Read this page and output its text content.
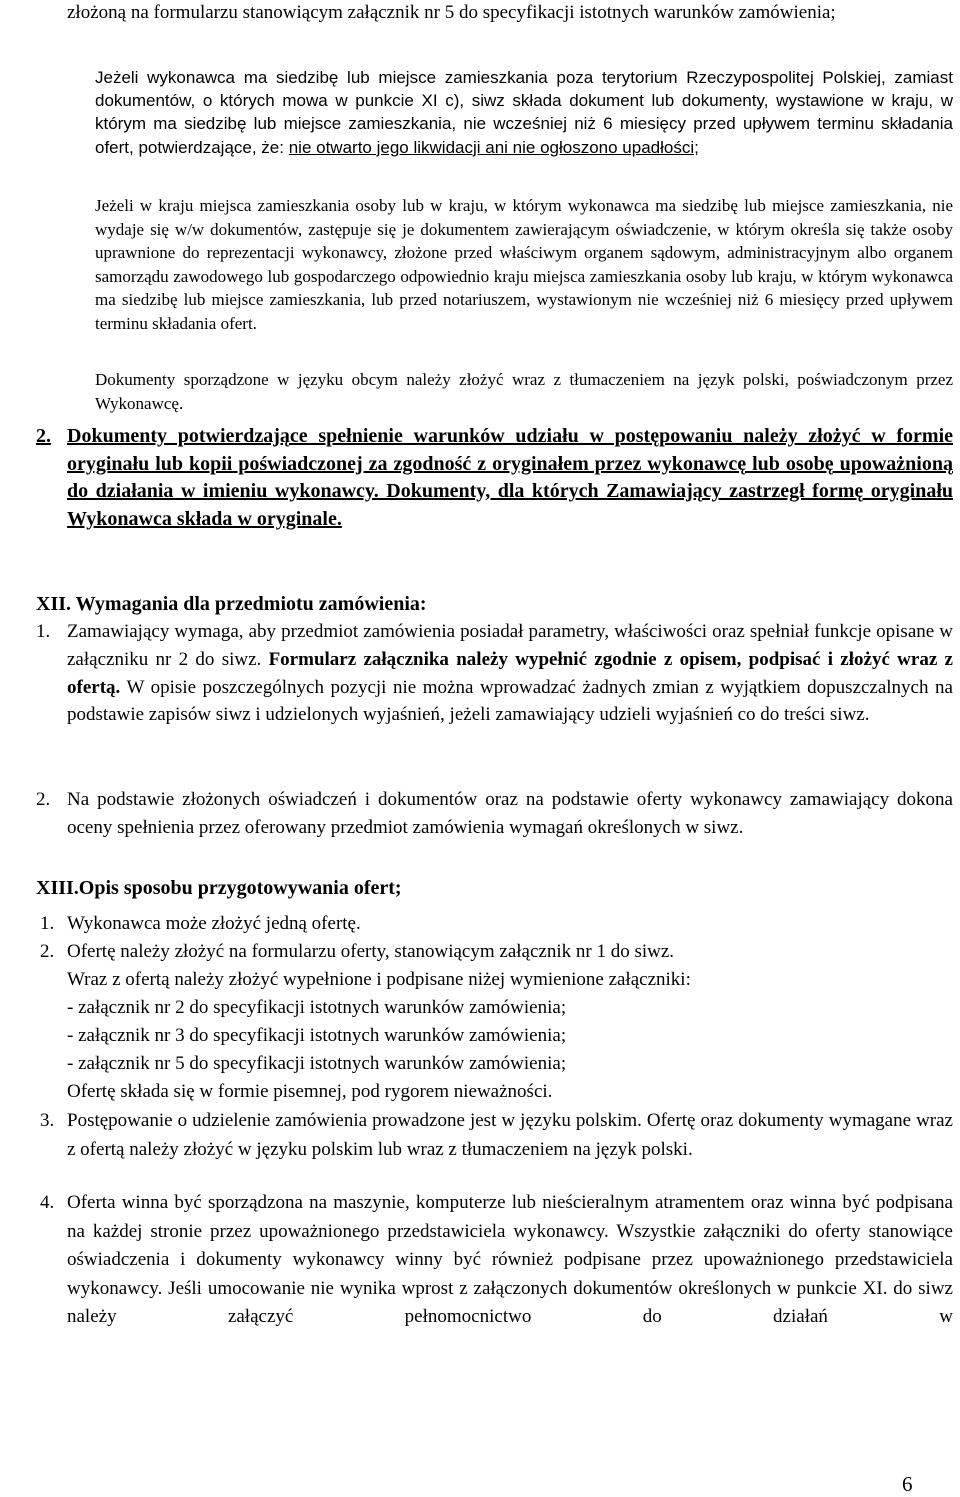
złożoną na formularzu stanowiącym załącznik nr 5 do specyfikacji istotnych warunków zamówienia;

Jeżeli wykonawca ma siedzibę lub miejsce zamieszkania poza terytorium Rzeczypospolitej Polskiej, zamiast dokumentów, o których mowa w punkcie XI c), siwz składa dokument lub dokumenty, wystawione w kraju, w którym ma siedzibę lub miejsce zamieszkania, nie wcześniej niż 6 miesięcy przed upływem terminu składania ofert, potwierdzające, że: nie otwarto jego likwidacji ani nie ogłoszono upadłości;

Jeżeli w kraju miejsca zamieszkania osoby lub w kraju, w którym wykonawca ma siedzibę lub miejsce zamieszkania, nie wydaje się w/w dokumentów, zastępuje się je dokumentem zawierającym oświadczenie, w którym określa się także osoby uprawnione do reprezentacji wykonawcy, złożone przed właściwym organem sądowym, administracyjnym albo organem samorządu zawodowego lub gospodarczego odpowiednio kraju miejsca zamieszkania osoby lub kraju, w którym wykonawca ma siedzibę lub miejsce zamieszkania, lub przed notariuszem, wystawionym nie wcześniej niż 6 miesięcy przed upływem terminu składania ofert.

Dokumenty sporządzone w języku obcym należy złożyć wraz z tłumaczeniem na język polski, poświadczonym przez Wykonawcę.

2. Dokumenty potwierdzające spełnienie warunków udziału w postępowaniu należy złożyć w formie oryginału lub kopii poświadczonej za zgodność z oryginałem przez wykonawcę lub osobę upoważnioną do działania w imieniu wykonawcy. Dokumenty, dla których Zamawiający zastrzegł formę oryginału Wykonawca składa w oryginale.

XII. Wymagania dla przedmiotu zamówienia:

1. Zamawiający wymaga, aby przedmiot zamówienia posiadał parametry, właściwości oraz spełniał funkcje opisane w załączniku nr 2 do siwz. Formularz załącznika należy wypełnić zgodnie z opisem, podpisać i złożyć wraz z ofertą. W opisie poszczególnych pozycji nie można wprowadzać żadnych zmian z wyjątkiem dopuszczalnych na podstawie zapisów siwz i udzielonych wyjaśnień, jeżeli zamawiający udzieli wyjaśnień co do treści siwz.

2. Na podstawie złożonych oświadczeń i dokumentów oraz na podstawie oferty wykonawcy zamawiający dokona oceny spełnienia przez oferowany przedmiot zamówienia wymagań określonych w siwz.

XIII.Opis sposobu przygotowywania ofert;

1. Wykonawca może złożyć jedną ofertę.

2. Ofertę należy złożyć na formularzu oferty, stanowiącym załącznik nr 1 do siwz.

Wraz z ofertą należy złożyć wypełnione i podpisane niżej wymienione załączniki:

- załącznik nr 2 do specyfikacji istotnych warunków zamówienia;

- załącznik nr 3 do specyfikacji istotnych warunków zamówienia;

- załącznik nr 5 do specyfikacji istotnych warunków zamówienia;

Ofertę składa się w formie pisemnej, pod rygorem nieważności.

3. Postępowanie o udzielenie zamówienia prowadzone jest w języku polskim. Ofertę oraz dokumenty wymagane wraz z ofertą należy złożyć w języku polskim lub wraz z tłumaczeniem na język polski.

4. Oferta winna być sporządzona na maszynie, komputerze lub nieścieralnym atramentem oraz winna być podpisana na każdej stronie przez upoważnionego przedstawiciela wykonawcy. Wszystkie załączniki do oferty stanowiące oświadczenia i dokumenty wykonawcy winny być również podpisane przez upoważnionego przedstawiciela wykonawcy. Jeśli umocowanie nie wynika wprost z załączonych dokumentów określonych w punkcie XI. do siwz należy załączyć pełnomocnictwo do działań w

6
